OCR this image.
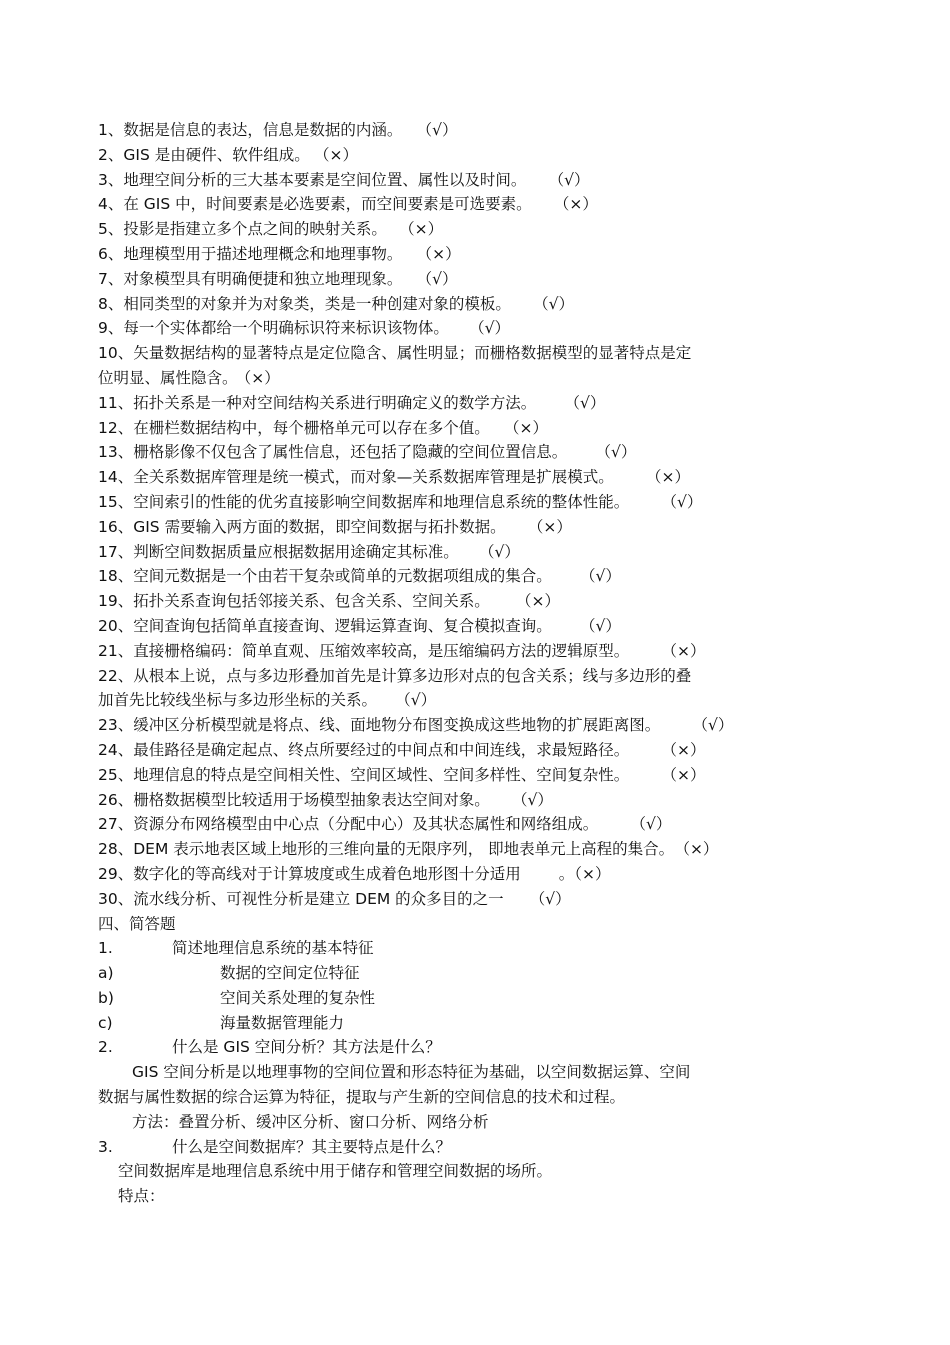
1、数据是信息的表达，信息是数据的内涵。 （√）
2、GIS 是由硬件、软件组成。 （×）
3、地理空间分析的三大基本要素是空间位置、属性以及时间。 （√）
4、在 GIS 中，时间要素是必选要素，而空间要素是可选要素。 （×）
5、投影是指建立多个点之间的映射关系。 （×）
6、地理模型用于描述地理概念和地理事物。 （×）
7、对象模型具有明确便捷和独立地理现象。 （√）
8、相同类型的对象并为对象类，类是一种创建对象的模板。 （√）
9、每一个实体都给一个明确标识符来标识该物体。 （√）
10、矢量数据结构的显著特点是定位隐含、属性明显；而栅格数据模型的显著特点是定
位明显、属性隐含。 （×）
11、拓扑关系是一种对空间结构关系进行明确定义的数学方法。 （√）
12、在栅栏数据结构中，每个栅格单元可以存在多个值。 （×）
13、栅格影像不仅包含了属性信息，还包括了隐藏的空间位置信息。 （√）
14、全关系数据库管理是统一模式，而对象—关系数据库管理是扩展模式。	（×）
15、空间索引的性能的优劣直接影响空间数据库和地理信息系统的整体性能。	（√）
16、GIS 需要输入两方面的数据，即空间数据与拓扑数据。 （×）
17、判断空间数据质量应根据数据用途确定其标准。 （√）
18、空间元数据是一个由若干复杂或简单的元数据项组成的集合。 （√）
19、拓扑关系查询包括邻接关系、包含关系、空间关系。 （×）
20、空间查询包括简单直接查询、逻辑运算查询、复合模拟查询。 （√）
21、直接栅格编码：简单直观、压缩效率较高，是压缩编码方法的逻辑原型。	（×）
22、从根本上说，点与多边形叠加首先是计算多边形对点的包含关系；线与多边形的叠
加首先比较线坐标与多边形坐标的关系。 （√）
23、缓冲区分析模型就是将点、线、面地物分布图变换成这些地物的扩展距离图。	（√）
24、最佳路径是确定起点、终点所要经过的中间点和中间连线，求最短路径。	（×）
25、地理信息的特点是空间相关性、空间区域性、空间多样性、空间复杂性。	（×）
26、栅格数据模型比较适用于场模型抽象表达空间对象。 （√）
27、资源分布网络模型由中心点（分配中心）及其状态属性和网络组成。	（√）
28、DEM 表示地表区域上地形的三维向量的无限序列， 即地表单元上高程的集合。 （×）
29、数字化的等高线对于计算坡度或生成着色地形图十分适用 。（×）
30、流水线分析、可视性分析是建立 DEM 的众多目的之一 （√）
四、简答题
1.	简述地理信息系统的基本特征
a)	数据的空间定位特征
b)	空间关系处理的复杂性
c)	海量数据管理能力
2.	什么是 GIS 空间分析？其方法是什么？
GIS 空间分析是以地理事物的空间位置和形态特征为基础，以空间数据运算、空间
数据与属性数据的综合运算为特征，提取与产生新的空间信息的技术和过程。
方法：叠置分析、缓冲区分析、窗口分析、网络分析
3.	什么是空间数据库？其主要特点是什么？
空间数据库是地理信息系统中用于储存和管理空间数据的场所。
特点：
